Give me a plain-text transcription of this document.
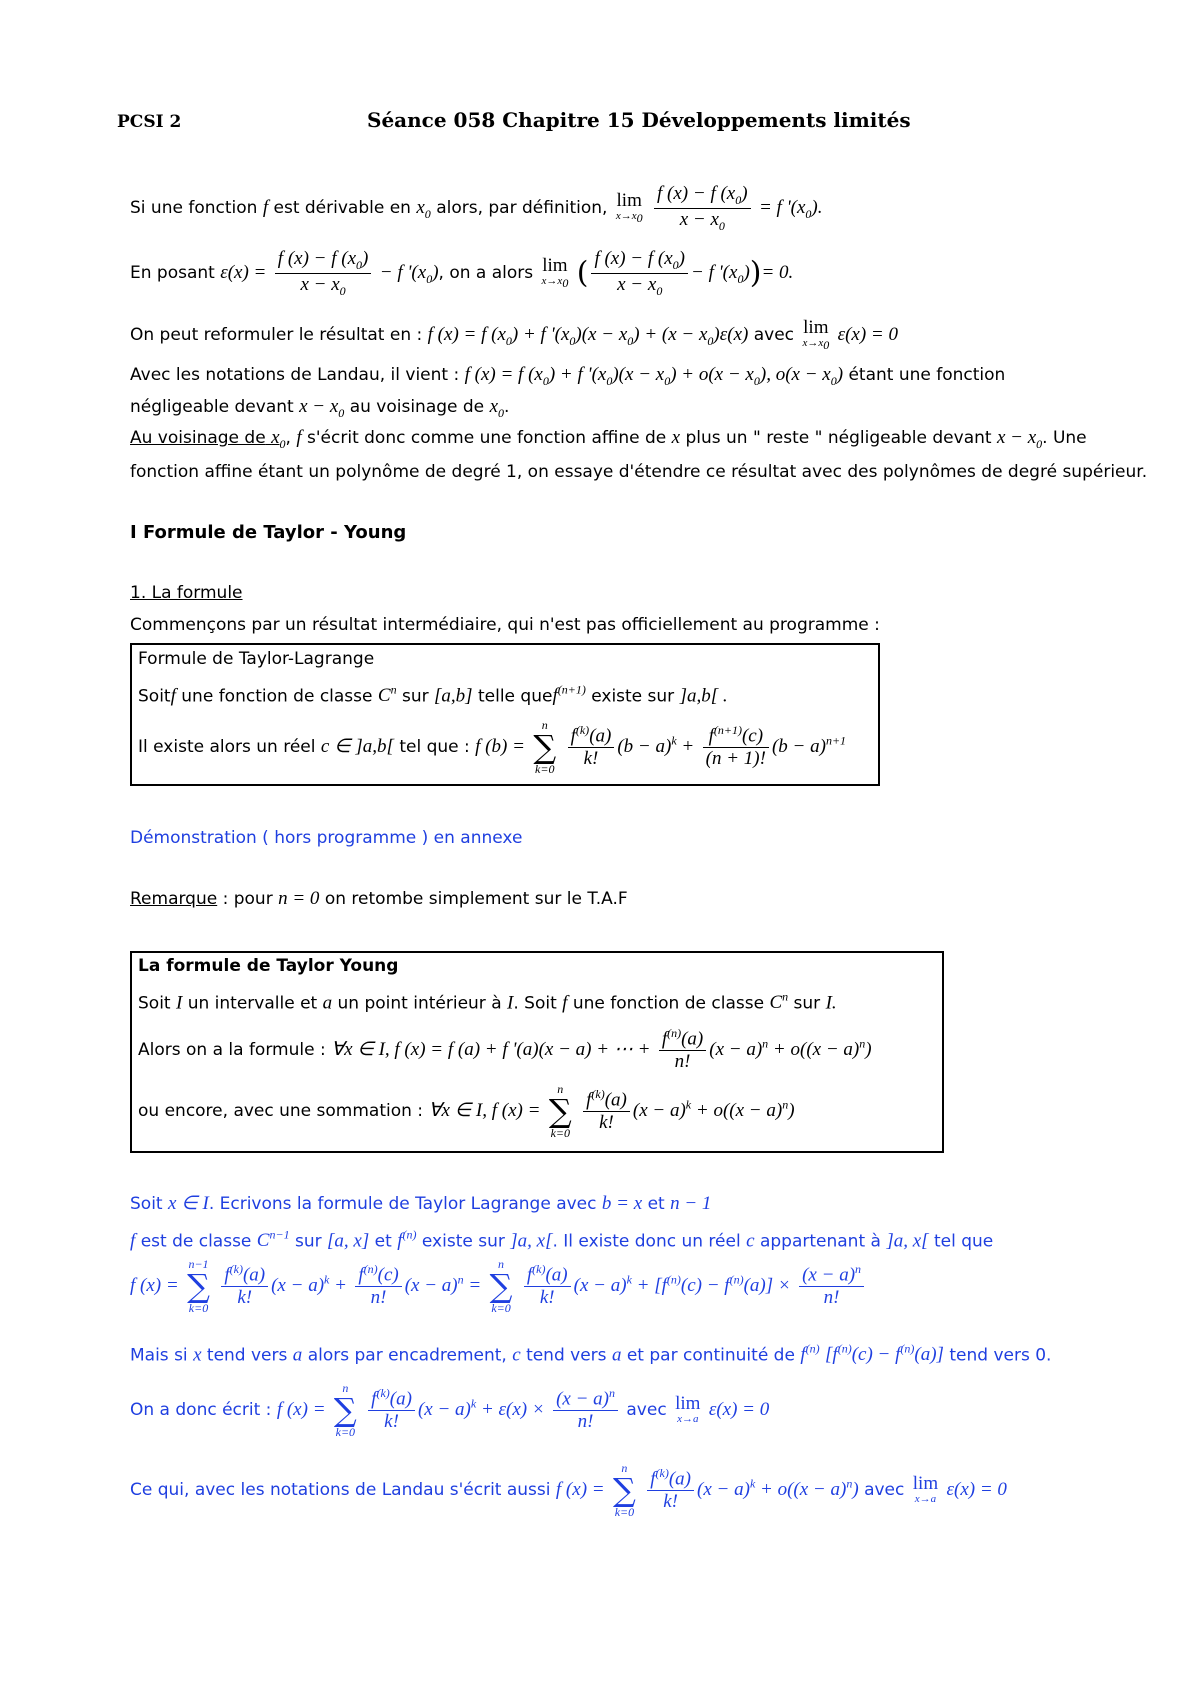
PCSI 2	Séance 058 Chapitre 15 Développements limités
Si une fonction f est dérivable en $x_0$ alors, par définition, lim
$x\to x_0$
$\frac{f (x) - f (x_0)}{x - x_0} = f$ '$(x_0)$.
En posant $\varepsilon(x) = \frac{f (x) - f (x_0)}{x - x_0} - f$ '$(x_0)$, on a alors lim
$x\to x_0$ ( $\frac{f (x) - f (x_0)}{x - x_0} - f$ '$(x_0))= 0$.
On peut reformuler le résultat en : f (x) = f $(x_0) + f$ '$(x_0)(x - x_0) + (x - x_0)\varepsilon(x)$ avec lim
$x\to x_0$
ε(x) = 0
Avec les notations de Landau, il vient : f (x) = f $(x_0) + f$ '$(x_0)(x - x_0) + o(x - x_0)$, $o(x - x_0)$ étant une fonction
négligeable devant $x - x_0$ au voisinage de $x_0$.
Au voisinage de $x_0$, f s'écrit donc comme une fonction affine de x plus un " reste " négligeable devant $x - x_0$. Une
fonction affine étant un polynôme de degré 1, on essaye d'étendre ce résultat avec des polynômes de degré supérieur.
I Formule de Taylor - Young
1. La formule
Commençons par un résultat intermédiaire, qui n'est pas officiellement au programme :
Formule de Taylor-Lagrange
Soitf une fonction de classe $C^n$ sur [a,b] telle quef$^{(n+1)}$ existe sur ]a,b[ .
Il existe alors un réel c ∈ ]a,b[ tel que : f (b) =
n
∑
k=0
$\frac{f^{(k)}(a)}{k!} (b - a)^k + \frac{f^{(n+1)}(c)}{(n + 1)!} (b - a)^{n+1}$
Démonstration ( hors programme ) en annexe
Remarque : pour n = 0 on retombe simplement sur le T.A.F
La formule de Taylor Young
Soit I un intervalle et a un point intérieur à I. Soit f une fonction de classe $C^n$ sur I.
Alors on a la formule : ∀x ∈ I, f (x) = f (a) + f '(a)(x − a) + ⋯ + $\frac{f^{(n)}(a)}{n!} (x - a)^n + o((x - a)^n)$
ou encore, avec une sommation : ∀x ∈ I, f (x) =
n
∑
k=0
$\frac{f^{(k)}(a)}{k!} (x - a)^k + o((x - a)^n)$
Soit x ∈ I. Ecrivons la formule de Taylor Lagrange avec b = x et n − 1
f est de classe $C^{n-1}$ sur [a, x] et $f^{(n)}$ existe sur ]a, x[. Il existe donc un réel c appartenant à ]a, x[ tel que
f (x) =
n−1
∑
k=0
$\frac{f^{(k)}(a)}{k!} (x - a)^k + \frac{f^{(n)}(c)}{n!} (x - a)^n$ =
n
∑
k=0
$\frac{f^{(k)}(a)}{k!} (x - a)^k + [f^{(n)}(c) - f^{(n)}(a)] \times \frac{(x - a)^n}{n!}$
Mais si x tend vers a alors par encadrement, c tend vers a et par continuité de $f^{(n)}$ $[f^{(n)}(c) - f^{(n)}(a)]$ tend vers 0.
On a donc écrit : f (x) =
n
∑
k=0
$\frac{f^{(k)}(a)}{k!} (x - a)^k + \varepsilon(x) \times \frac{(x - a)^n}{n!}$ avec lim
x→a ε(x) = 0
Ce qui, avec les notations de Landau s'écrit aussi f (x) =
n
∑
k=0
$\frac{f^{(k)}(a)}{k!} (x - a)^k + o((x - a)^n)$ avec lim
x→a ε(x) = 0
